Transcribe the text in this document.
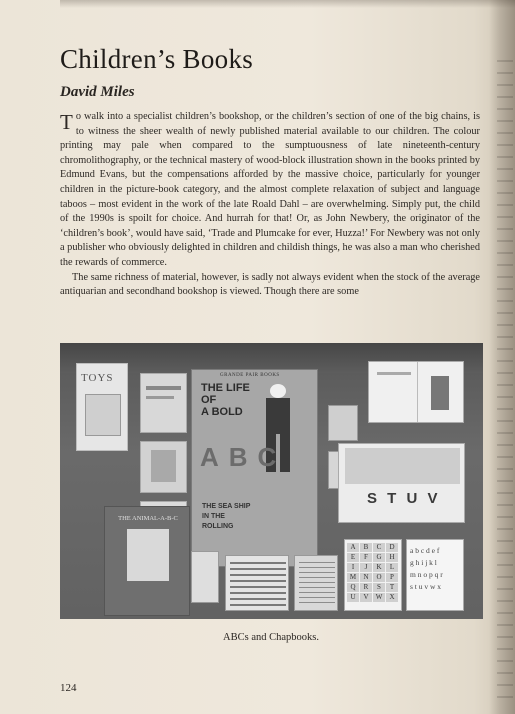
Children’s Books
David Miles

To walk into a specialist children’s bookshop, or the children’s section of one of the big chains, is to witness the sheer wealth of newly published material available to our children. The colour printing may pale when compared to the sumptuousness of late nineteenth-century chromolithography, or the technical mastery of wood-block illustration shown in the books printed by Edmund Evans, but the compensations afforded by the massive choice, particularly for younger children in the picture-book category, and the almost complete relaxation of subject and language taboos – most evident in the work of the late Roald Dahl – are overwhelming. Simply put, the child of the 1990s is spoilt for choice. And hurrah for that! Or, as John Newbery, the originator of the ‘children’s book’, would have said, ‘Trade and Plumcake for ever, Huzza!’ For Newbery was not only a publisher who obviously delighted in children and childish things, he was also a man who cherished the rewards of commerce.

The same richness of material, however, is sadly not always evident when the stock of the average antiquarian and secondhand bookshop is viewed. Though there are some

TOYS	GRANDE PAIR BOOKS
THE LIFE
OF
A BOLD
ABC
THE SEA SHIP
IN THE
ROLLING
S T U V
THE ANIMAL-A-B-C
A	B	C	D
E	F	G	H
I	J	K	L
M	N	O	P
Q	R	S	T
U	V	W	X
a b c d e f
g h i j k l
m n o p q r
s t u v w x
ABCs and Chapbooks.
124
